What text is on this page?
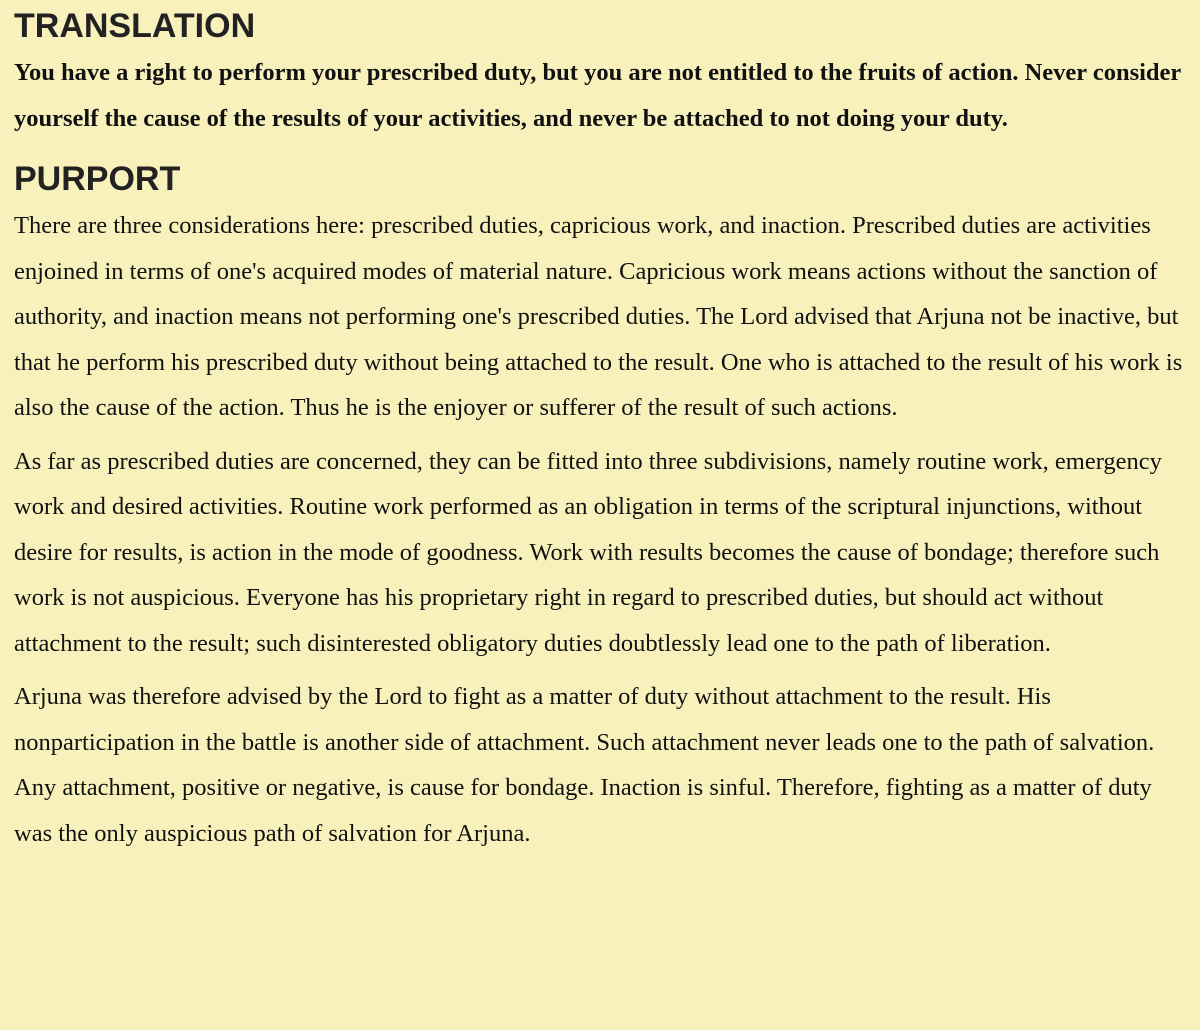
TRANSLATION

You have a right to perform your prescribed duty, but you are not entitled to the fruits of action. Never consider yourself the cause of the results of your activities, and never be attached to not doing your duty.

PURPORT

There are three considerations here: prescribed duties, capricious work, and inaction. Prescribed duties are activities enjoined in terms of one's acquired modes of material nature. Capricious work means actions without the sanction of authority, and inaction means not performing one's prescribed duties. The Lord advised that Arjuna not be inactive, but that he perform his prescribed duty without being attached to the result. One who is attached to the result of his work is also the cause of the action. Thus he is the enjoyer or sufferer of the result of such actions.

As far as prescribed duties are concerned, they can be fitted into three subdivisions, namely routine work, emergency work and desired activities. Routine work performed as an obligation in terms of the scriptural injunctions, without desire for results, is action in the mode of goodness. Work with results becomes the cause of bondage; therefore such work is not auspicious. Everyone has his proprietary right in regard to prescribed duties, but should act without attachment to the result; such disinterested obligatory duties doubtlessly lead one to the path of liberation.

Arjuna was therefore advised by the Lord to fight as a matter of duty without attachment to the result. His nonparticipation in the battle is another side of attachment. Such attachment never leads one to the path of salvation. Any attachment, positive or negative, is cause for bondage. Inaction is sinful. Therefore, fighting as a matter of duty was the only auspicious path of salvation for Arjuna.
